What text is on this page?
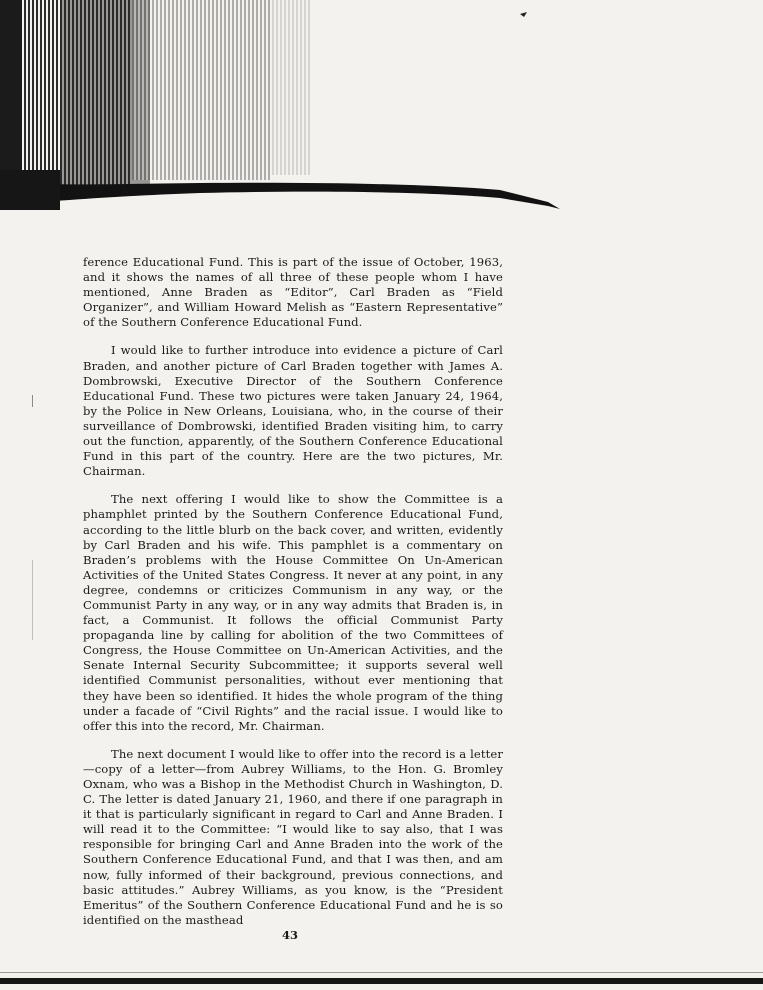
ference Educational Fund. This is part of the issue of October, 1963, and it shows the names of all three of these people whom I have mentioned, Anne Braden as “Editor”, Carl Braden as “Field Organizer”, and William Howard Melish as “Eastern Representative” of the Southern Conference Educational Fund.

I would like to further introduce into evidence a picture of Carl Braden, and another picture of Carl Braden together with James A. Dombrowski, Executive Director of the Southern Conference Educational Fund. These two pictures were taken January 24, 1964, by the Police in New Orleans, Louisiana, who, in the course of their surveillance of Dombrowski, identified Braden visiting him, to carry out the function, apparently, of the Southern Conference Educational Fund in this part of the country. Here are the two pictures, Mr. Chairman.

The next offering I would like to show the Committee is a phamphlet printed by the Southern Conference Educational Fund, according to the little blurb on the back cover, and written, evidently by Carl Braden and his wife. This pamphlet is a commentary on Braden’s problems with the House Committee On Un-American Activities of the United States Congress. It never at any point, in any degree, condemns or criticizes Communism in any way, or the Communist Party in any way, or in any way admits that Braden is, in fact, a Communist. It follows the official Communist Party propaganda line by calling for abolition of the two Committees of Congress, the House Committee on Un-American Activities, and the Senate Internal Security Subcommittee; it supports several well identified Communist personalities, without ever mentioning that they have been so identified. It hides the whole program of the thing under a facade of “Civil Rights” and the racial issue. I would like to offer this into the record, Mr. Chairman.

The next document I would like to offer into the record is a letter—copy of a letter—from Aubrey Williams, to the Hon. G. Bromley Oxnam, who was a Bishop in the Methodist Church in Washington, D. C. The letter is dated January 21, 1960, and there if one paragraph in it that is particularly significant in regard to Carl and Anne Braden. I will read it to the Committee: “I would like to say also, that I was responsible for bringing Carl and Anne Braden into the work of the Southern Conference Educational Fund, and that I was then, and am now, fully informed of their background, previous connections, and basic attitudes.” Aubrey Williams, as you know, is the “President Emeritus” of the Southern Conference Educational Fund and he is so identified on the masthead

43
